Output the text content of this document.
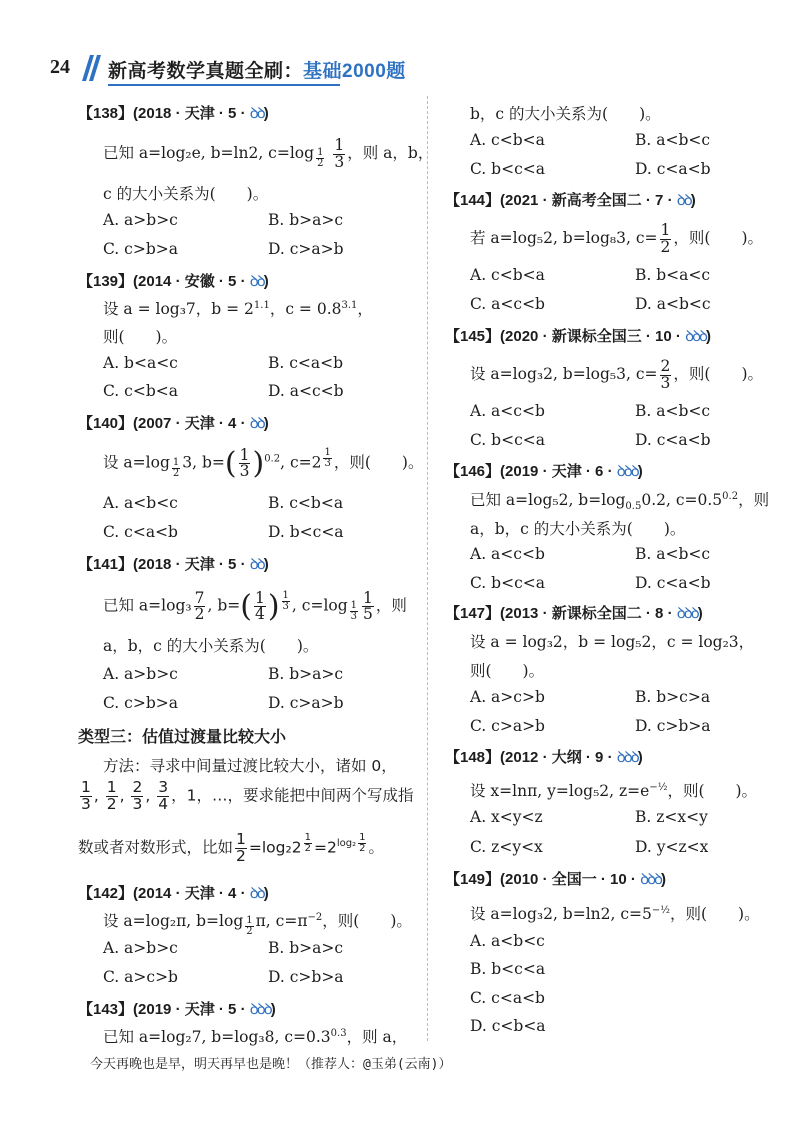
24 新高考数学真题全刷：基础2000题
【138】(2018 · 天津 · 5 · ꝺꝺ)
已知 a=log₂e, b=ln2, $c=\log \frac{1}{2}$
$\frac{1}{3}$ ，则 a，b，
c 的大小关系为(　　)。
A. a>b>c	B. b>a>c
C. c>b>a	D. c>a>b
【139】(2014 · 安徽 · 5 · ꝺꝺ)
设 a = log₃7，$b = 2^{1.1}$，$c = 0.8^{3.1}$，
则(　　)。
A. b<a<c	B. c<a<b
C. c<b<a	D. a<c<b
【140】(2007 · 天津 · 4 · ꝺꝺ)
设 $a=\log \frac{1}{2} 3$, $b=( \frac{1}{3} )^{0.2}$, c=2 $^{\frac{1}{3}}$ ，则(　　)。
A. a<b<c	B. c<b<a
C. c<a<b	D. b<c<a
【141】(2018 · 天津 · 5 · ꝺꝺ)
已知 $a=\log_3 \frac{7}{2}$ , $b=( \frac{1}{4}$ ) $^{\frac{1}{3}}$ , $c=\log \frac{1}{3} \frac{1}{5}$ ，则
a，b，c 的大小关系为(　　)。
A. a>b>c	B. b>a>c
C. c>b>a	D. c>a>b
类型三：估值过渡量比较大小
方法：寻求中间量过渡比较大小，诸如 0，
$\frac{1}{3}$ , $\frac{1}{2}$ , $\frac{2}{3}$ , $\frac{3}{4}$ ，1，…，要求能把中间两个写成指
数或者对数形式，比如 $\frac{1}{2} =\log_22$ $^{\frac{1}{2}} =2^{log_2 \frac{1}{2}}$ 。
【142】(2014 · 天津 · 4 · ꝺꝺ)
设 a=log₂π, $b=\log \frac{1}{2} \pi$, $c=\pi^{-2}$，则(　　)。
A. a>b>c	B. b>a>c
C. a>c>b	D. c>b>a
【143】(2019 · 天津 · 5 · ꝺꝺꝺ)
已知 a=log₂7, b=log₃8, $c=0.3^{0.3}$，则 a，
b，c 的大小关系为(　　)。
A. c<b<a	B. a<b<c
C. b<c<a	D. c<a<b
【144】(2021 · 新高考全国二 · 7 · ꝺꝺ)
若 a=log₅2, b=log₈3, $c= \frac{1}{2}$ ，则(　　)。
A. c<b<a	B. b<a<c
C. a<c<b	D. a<b<c
【145】(2020 · 新课标全国三 · 10 · ꝺꝺꝺ)
设 a=log₃2, b=log₅3, $c= \frac{2}{3}$ ，则(　　)。
A. a<c<b	B. a<b<c
C. b<c<a	D. c<a<b
【146】(2019 · 天津 · 6 · ꝺꝺꝺ)
已知 a=log₅2, $b=\log_{0.5}0.2$, $c=0.5^{0.2}$，则
a，b，c 的大小关系为(　　)。
A. a<c<b	B. a<b<c
C. b<c<a	D. c<a<b
【147】(2013 · 新课标全国二 · 8 · ꝺꝺꝺ)
设 a = log₃2，b = log₅2，c = log₂3，
则(　　)。
A. a>c>b	B. b>c>a
C. c>a>b	D. c>b>a
【148】(2012 · 大纲 · 9 · ꝺꝺꝺ)
设 x=lnπ, y=log₅2, $z=e^{-\frac{1}{2}}$，则(　　)。
A. x<y<z	B. z<x<y
C. z<y<x	D. y<z<x
【149】(2010 · 全国一 · 10 · ꝺꝺꝺ)
设 a=log₃2, b=ln2, $c=5^{-\frac{1}{2}}$，则(　　)。
A. a<b<c
B. b<c<a
C. c<a<b
D. c<b<a
今天再晚也是早，明天再早也是晚！（推荐人：@玉弟(云南)）
